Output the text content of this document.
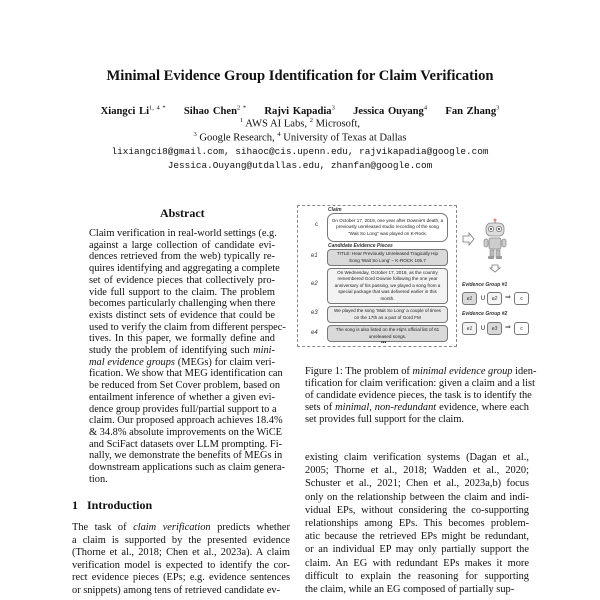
Minimal Evidence Group Identification for Claim Verification
Xiangci $Li^{1, 4 *}$ Sihao Chen$^{2 *}$ Rajvi Kapadia$^3$ Jessica Ouyang$^4$ Fan Zhang$^3$
$^1$ AWS AI Labs, $^2$ Microsoft,
$^3$ Google Research, $^4$ University of Texas at Dallas
lixiangci8@gmail.com, sihaoc@cis.upenn.edu, rajvikapadia@google.com
Jessica.Ouyang@utdallas.edu, zhanfan@google.com
Abstract
Claim verification in real-world settings (e.g.
against a large collection of candidate evi-
dences retrieved from the web) typically re-
quires identifying and aggregating a complete
set of evidence pieces that collectively pro-
vide full support to the claim. The problem
becomes particularly challenging when there
exists distinct sets of evidence that could be
used to verify the claim from different perspec-
tives. In this paper, we formally define and
study the problem of identifying such mini-
mal evidence groups (MEGs) for claim veri-
fication. We show that MEG identification can
be reduced from Set Cover problem, based on
entailment inference of whether a given evi-
dence group provides full/partial support to a
claim. Our proposed approach achieves 18.4%
& 34.8% absolute improvements on the WiCE
and SciFact datasets over LLM prompting. Fi-
nally, we demonstrate the benefits of MEGs in
downstream applications such as claim genera-
tion.
1 Introduction
The task of claim verification predicts whether
a claim is supported by the presented evidence
(Thorne et al., 2018; Chen et al., 2023a). A claim
verification model is expected to identify the cor-
rect evidence pieces (EPs; e.g. evidence sentences
or snippets) among tens of retrieved candidate ev-
Claim
c
On October 17, 2019, one year after Downie's death, a previously unreleased studio recording of the song "Wait So Long" was played on K-Rock.
Candidate Evidence Pieces
e1	TITLE: Hear Previously Unreleased Tragically Hip Song 'Wait So Long' – K-ROCK 105.7
e2
On Wednesday, October 17, 2018, as the country remembered Gord Downie following the one year anniversary of his passing, we played a song from a special package that was delivered earlier in this month.
e3	We played the song 'Wait So Long' a couple of times on the 17th as a part of Gord FM
e4
The song is also listed on the Hip's official list of 61 unreleased songs.
•••
Evidence Group #1
e1 ∪	e2	⇒	c
Evidence Group #2
e1 ∪	e3	⇒	c
Figure 1: The problem of minimal evidence group iden-
tification for claim verification: given a claim and a list
of candidate evidence pieces, the task is to identify the
sets of minimal, non-redundant evidence, where each
set provides full support for the claim.
existing claim verification systems (Dagan et al.,
2005; Thorne et al., 2018; Wadden et al., 2020;
Schuster et al., 2021; Chen et al., 2023a,b) focus
only on the relationship between the claim and indi-
vidual EPs, without considering the co-supporting
relationships among EPs. This becomes problem-
atic because the retrieved EPs might be redundant,
or an individual EP may only partially support the
claim. An EG with redundant EPs makes it more
difficult to explain the reasoning for supporting
the claim, while an EG composed of partially sup-
